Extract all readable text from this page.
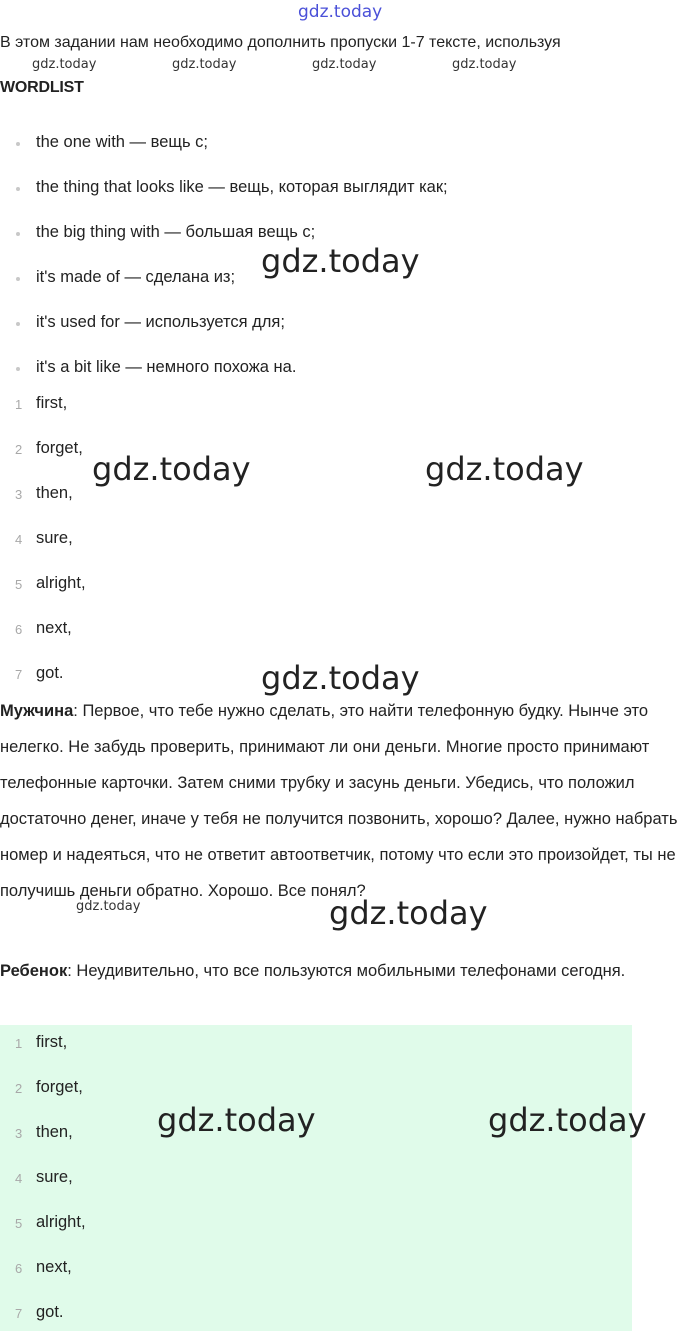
gdz.today
В этом задании нам необходимо дополнить пропуски 1-7 тексте, используя
gdz.today	gdz.today	gdz.today	gdz.today
WORDLIST
the one with — вещь с;
the thing that looks like — вещь, которая выглядит как;
the big thing with — большая вещь с;
it's made of — сделана из;
it's used for — используется для;
it's a bit like — немного похожа на.
1 first,
2 forget,
3 then,
4 sure,
5 alright,
6 next,
7 got.
Мужчина: Первое, что тебе нужно сделать, это найти телефонную будку. Нынче это нелегко. Не забудь проверить, принимают ли они деньги. Многие просто принимают телефонные карточки. Затем сними трубку и засунь деньги. Убедись, что положил достаточно денег, иначе у тебя не получится позвонить, хорошо? Далее, нужно набрать номер и надеяться, что не ответит автоответчик, потому что если это произойдет, ты не получишь деньги обратно. Хорошо. Все понял?
Ребенок: Неудивительно, что все пользуются мобильными телефонами сегодня.
1 first,
2 forget,
3 then,
4 sure,
5 alright,
6 next,
7 got.
gdz.today
gdz.today	gdz.today
gdz.today
gdz.today
gdz.today
gdz.today	gdz.today
